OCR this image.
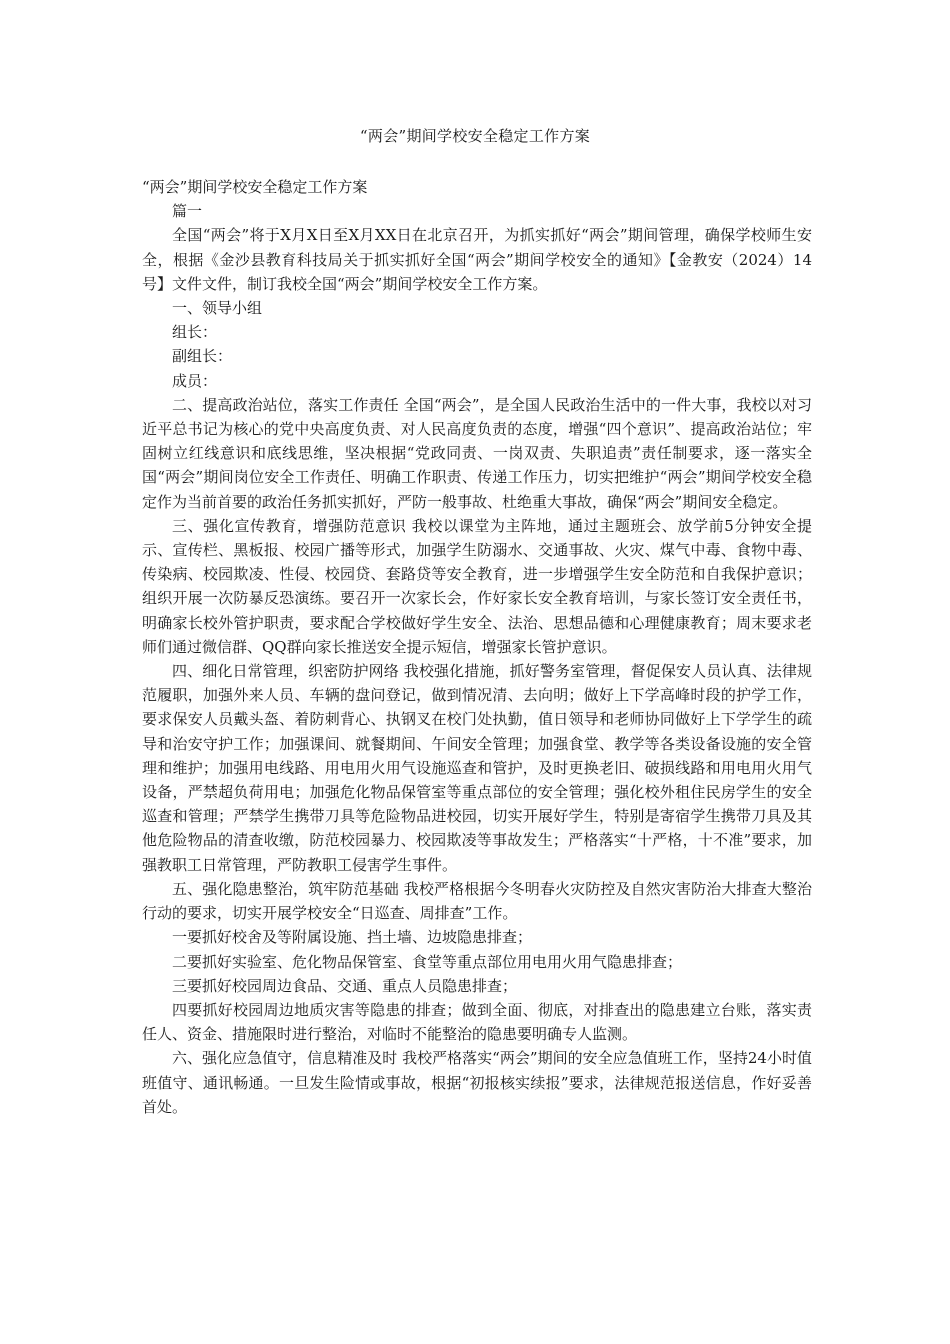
“两会”期间学校安全稳定工作方案

“两会”期间学校安全稳定工作方案

篇一

全国“两会”将于X月X日至X月XX日在北京召开，为抓实抓好“两会”期间管理，确保学校师生安全，根据《金沙县教育科技局关于抓实抓好全国“两会”期间学校安全的通知》【金教安（2024）14号】文件文件，制订我校全国“两会”期间学校安全工作方案。

一、领导小组

组长：

副组长：

成员：

二、提高政治站位，落实工作责任 全国“两会”，是全国人民政治生活中的一件大事，我校以对习近平总书记为核心的党中央高度负责、对人民高度负责的态度，增强“四个意识”、提高政治站位；牢固树立红线意识和底线思维，坚决根据“党政同责、一岗双责、失职追责”责任制要求，逐一落实全国“两会”期间岗位安全工作责任、明确工作职责、传递工作压力，切实把维护“两会”期间学校安全稳定作为当前首要的政治任务抓实抓好，严防一般事故、杜绝重大事故，确保“两会”期间安全稳定。

三、强化宣传教育，增强防范意识 我校以课堂为主阵地，通过主题班会、放学前5分钟安全提示、宣传栏、黑板报、校园广播等形式，加强学生防溺水、交通事故、火灾、煤气中毒、食物中毒、传染病、校园欺凌、性侵、校园贷、套路贷等安全教育，进一步增强学生安全防范和自我保护意识；组织开展一次防暴反恐演练。要召开一次家长会，作好家长安全教育培训，与家长签订安全责任书，明确家长校外管护职责，要求配合学校做好学生安全、法治、思想品德和心理健康教育；周末要求老师们通过微信群、QQ群向家长推送安全提示短信，增强家长管护意识。

四、细化日常管理，织密防护网络 我校强化措施，抓好警务室管理，督促保安人员认真、法律规范履职，加强外来人员、车辆的盘问登记，做到情况清、去向明；做好上下学高峰时段的护学工作，要求保安人员戴头盔、着防刺背心、执钢叉在校门处执勤，值日领导和老师协同做好上下学学生的疏导和治安守护工作；加强课间、就餐期间、午间安全管理；加强食堂、教学等各类设备设施的安全管理和维护；加强用电线路、用电用火用气设施巡查和管护，及时更换老旧、破损线路和用电用火用气设备，严禁超负荷用电；加强危化物品保管室等重点部位的安全管理；强化校外租住民房学生的安全巡查和管理；严禁学生携带刀具等危险物品进校园，切实开展好学生，特别是寄宿学生携带刀具及其他危险物品的清查收缴，防范校园暴力、校园欺凌等事故发生；严格落实“十严格，十不准”要求，加强教职工日常管理，严防教职工侵害学生事件。

五、强化隐患整治，筑牢防范基础 我校严格根据今冬明春火灾防控及自然灾害防治大排查大整治行动的要求，切实开展学校安全“日巡查、周排查”工作。

一要抓好校舍及等附属设施、挡土墙、边坡隐患排查；

二要抓好实验室、危化物品保管室、食堂等重点部位用电用火用气隐患排查；

三要抓好校园周边食品、交通、重点人员隐患排查；

四要抓好校园周边地质灾害等隐患的排查；做到全面、彻底，对排查出的隐患建立台账，落实责任人、资金、措施限时进行整治，对临时不能整治的隐患要明确专人监测。

六、强化应急值守，信息精准及时 我校严格落实“两会”期间的安全应急值班工作，坚持24小时值班值守、通讯畅通。一旦发生险情或事故，根据“初报核实续报”要求，法律规范报送信息，作好妥善首处。
